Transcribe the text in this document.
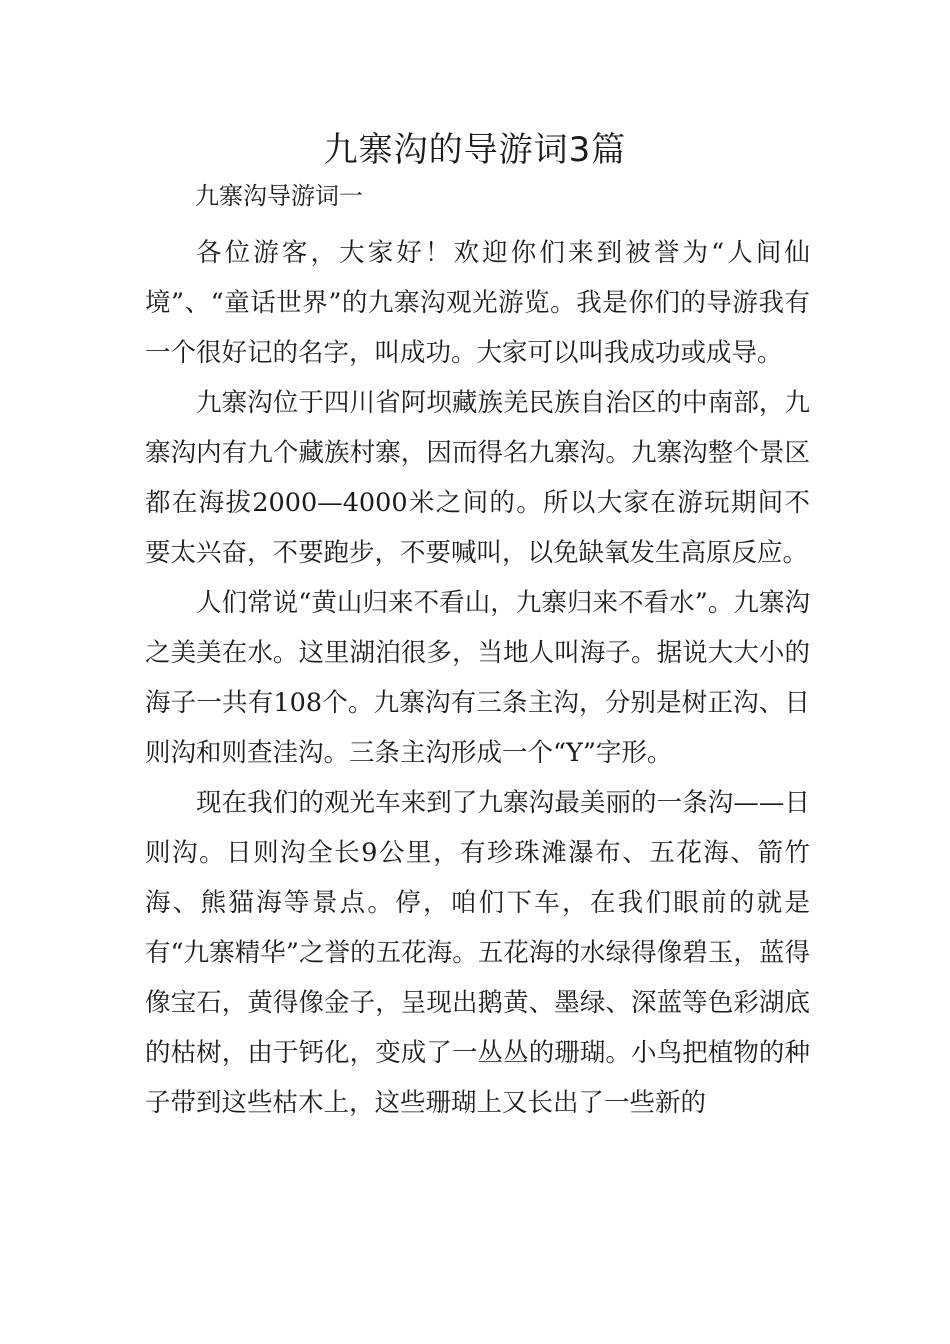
九寨沟的导游词3篇

九寨沟导游词一

各位游客，大家好！欢迎你们来到被誉为“人间仙境”、“童话世界”的九寨沟观光游览。我是你们的导游我有一个很好记的名字，叫成功。大家可以叫我成功或成导。

九寨沟位于四川省阿坝藏族羌民族自治区的中南部，九寨沟内有九个藏族村寨，因而得名九寨沟。九寨沟整个景区都在海拔2000—4000米之间的。所以大家在游玩期间不要太兴奋，不要跑步，不要喊叫，以免缺氧发生高原反应。

人们常说“黄山归来不看山，九寨归来不看水”。九寨沟之美美在水。这里湖泊很多，当地人叫海子。据说大大小的海子一共有108个。九寨沟有三条主沟，分别是树正沟、日则沟和则查洼沟。三条主沟形成一个“Y”字形。

现在我们的观光车来到了九寨沟最美丽的一条沟——日则沟。日则沟全长9公里，有珍珠滩瀑布、五花海、箭竹海、熊猫海等景点。停，咱们下车，在我们眼前的就是有“九寨精华”之誉的五花海。五花海的水绿得像碧玉，蓝得像宝石，黄得像金子，呈现出鹅黄、墨绿、深蓝等色彩湖底的枯树，由于钙化，变成了一丛丛的珊瑚。小鸟把植物的种子带到这些枯木上，这些珊瑚上又长出了一些新的
